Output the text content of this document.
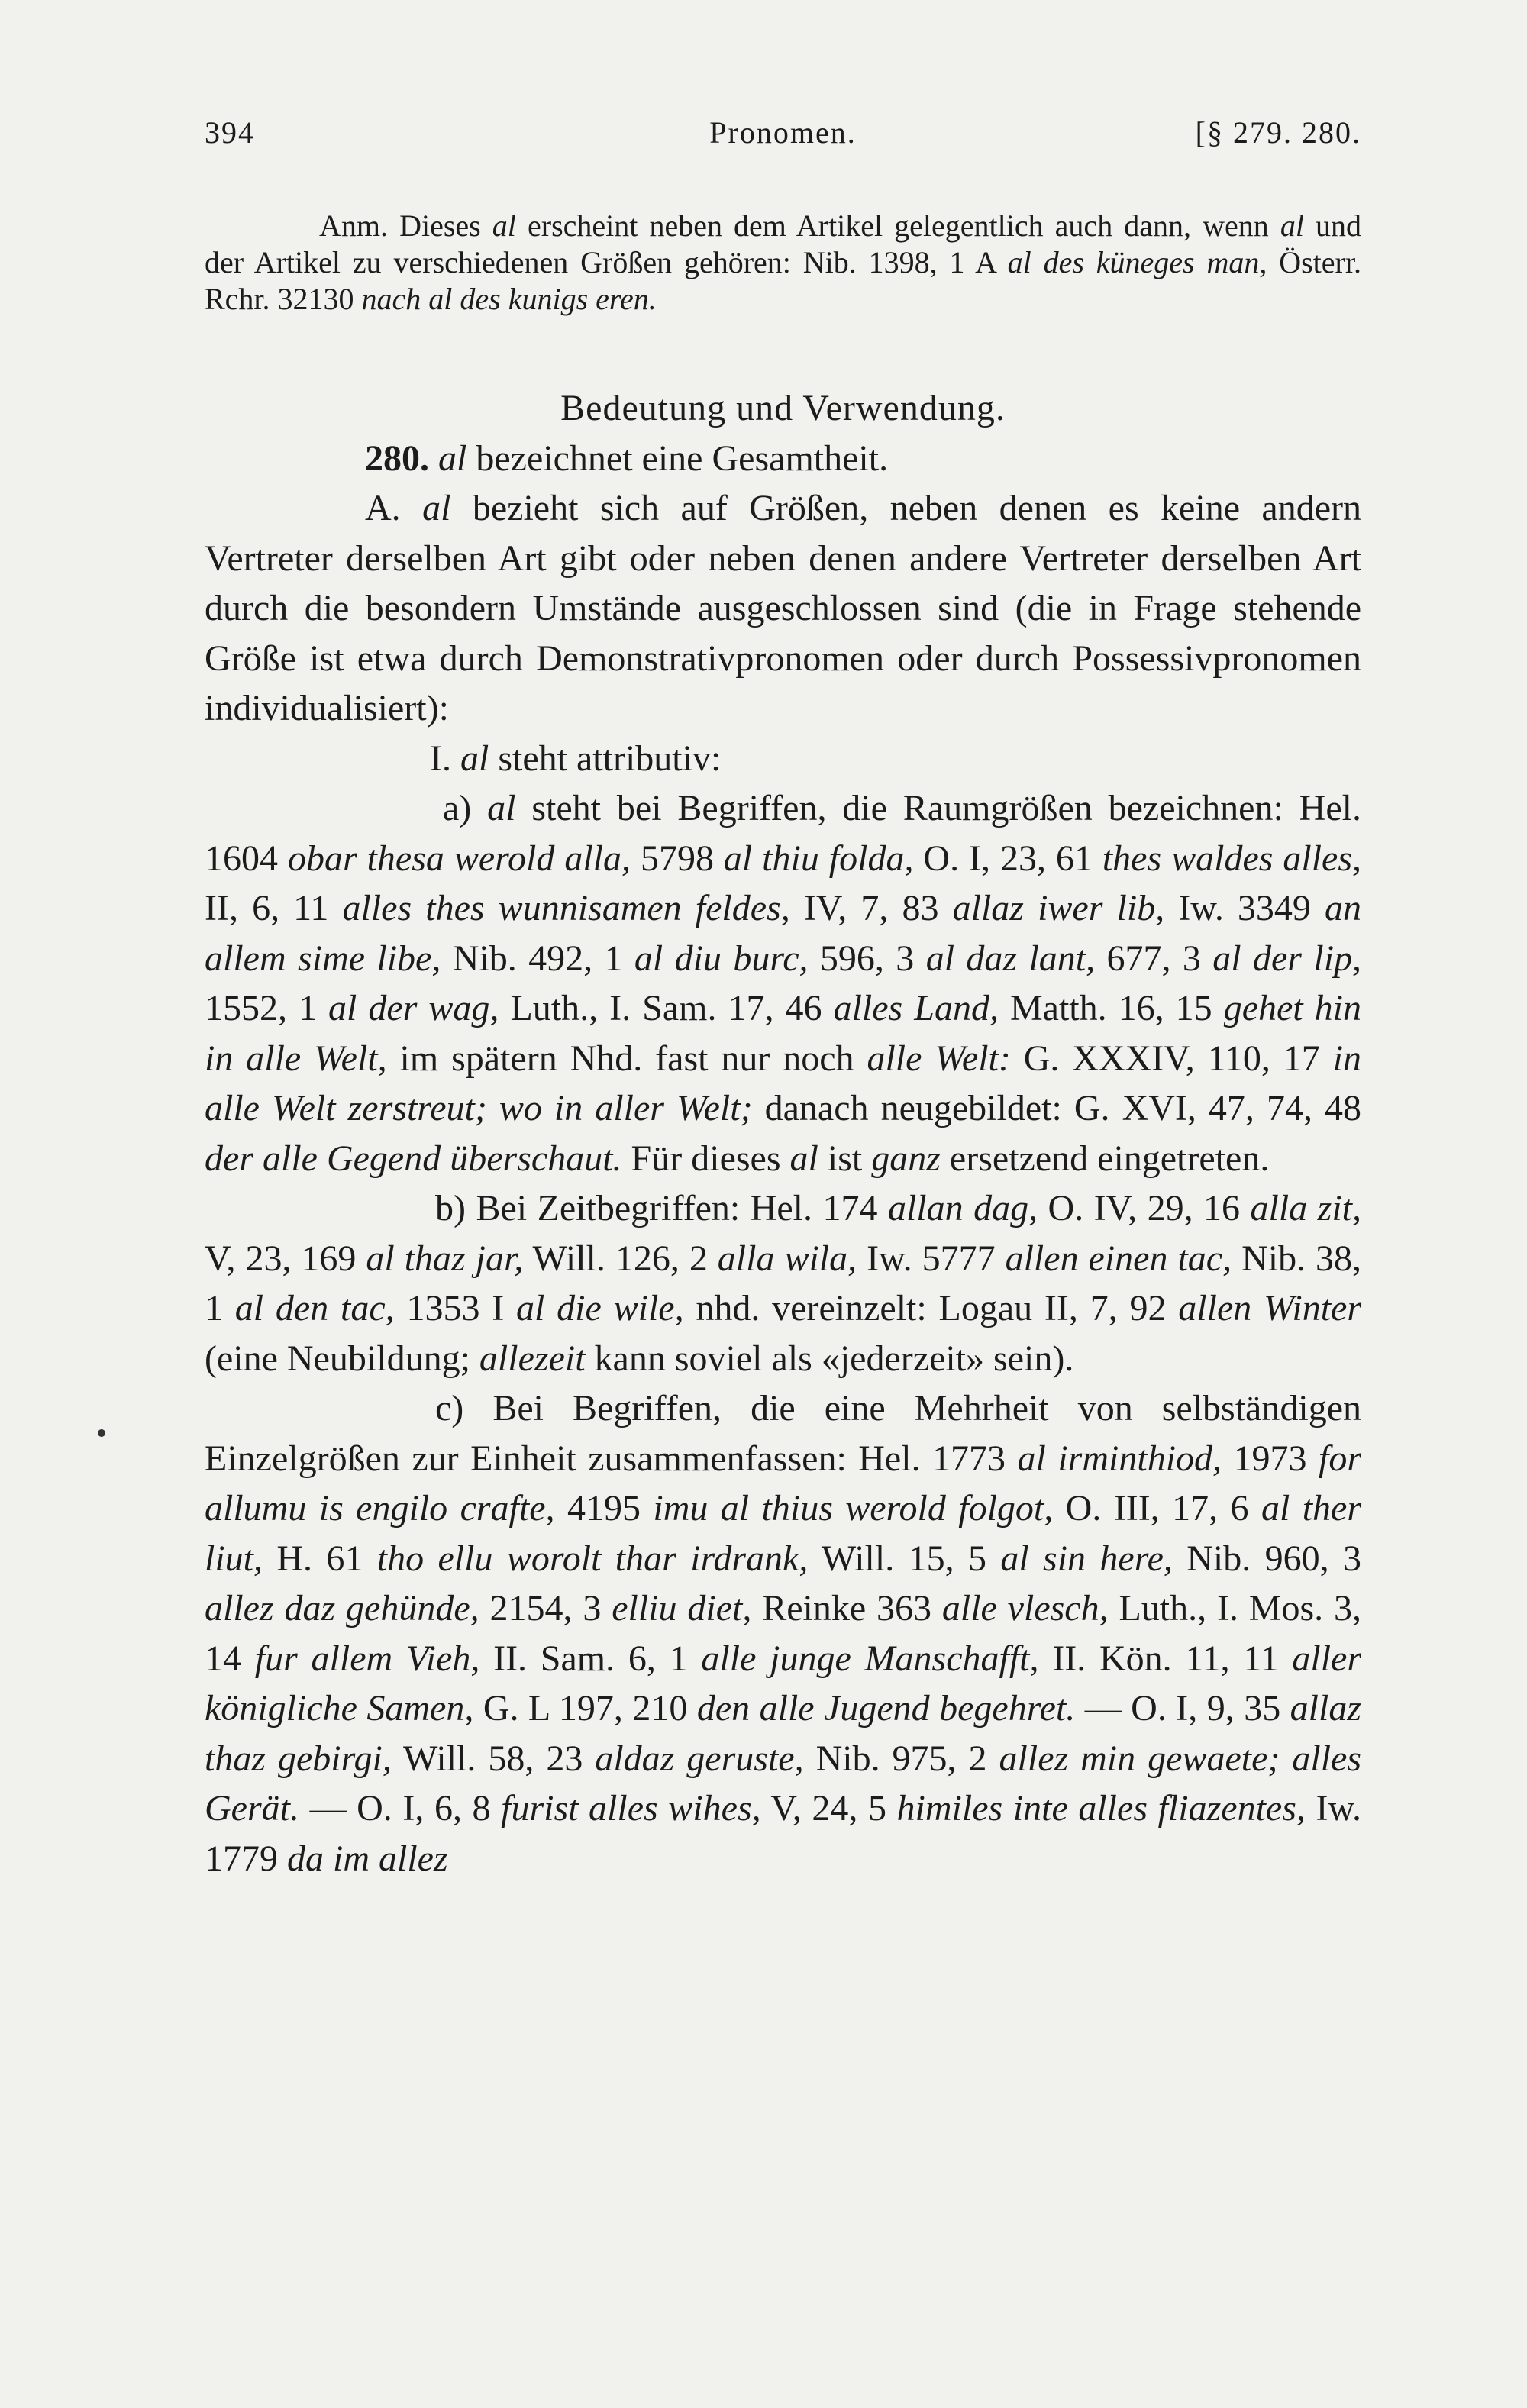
394	Pronomen.	[§ 279. 280.

Anm. Dieses al erscheint neben dem Artikel gelegentlich auch dann, wenn al und der Artikel zu verschiedenen Größen gehören: Nib. 1398, 1 A al des küneges man, Österr. Rchr. 32130 nach al des kunigs eren.

Bedeutung und Verwendung.

280. al bezeichnet eine Gesamtheit.

A. al bezieht sich auf Größen, neben denen es keine andern Vertreter derselben Art gibt oder neben denen andere Vertreter derselben Art durch die besondern Umstände ausgeschlossen sind (die in Frage stehende Größe ist etwa durch Demonstrativpronomen oder durch Possessivpronomen individualisiert):

I. al steht attributiv:

a) al steht bei Begriffen, die Raumgrößen bezeichnen: Hel. 1604 obar thesa werold alla, 5798 al thiu folda, O. I, 23, 61 thes waldes alles, II, 6, 11 alles thes wunnisamen feldes, IV, 7, 83 allaz iwer lib, Iw. 3349 an allem sime libe, Nib. 492, 1 al diu burc, 596, 3 al daz lant, 677, 3 al der lip, 1552, 1 al der wag, Luth., I. Sam. 17, 46 alles Land, Matth. 16, 15 gehet hin in alle Welt, im spätern Nhd. fast nur noch alle Welt: G. XXXIV, 110, 17 in alle Welt zerstreut; wo in aller Welt; danach neugebildet: G. XVI, 47, 74, 48 der alle Gegend überschaut. Für dieses al ist ganz ersetzend eingetreten.

b) Bei Zeitbegriffen: Hel. 174 allan dag, O. IV, 29, 16 alla zit, V, 23, 169 al thaz jar, Will. 126, 2 alla wila, Iw. 5777 allen einen tac, Nib. 38, 1 al den tac, 1353 I al die wile, nhd. vereinzelt: Logau II, 7, 92 allen Winter (eine Neubildung; allezeit kann soviel als «jederzeit» sein).

c) Bei Begriffen, die eine Mehrheit von selbständigen Einzelgrößen zur Einheit zusammenfassen: Hel. 1773 al irminthiod, 1973 for allumu is engilo crafte, 4195 imu al thius werold folgot, O. III, 17, 6 al ther liut, H. 61 tho ellu worolt thar irdrank, Will. 15, 5 al sin here, Nib. 960, 3 allez daz gehünde, 2154, 3 elliu diet, Reinke 363 alle vlesch, Luth., I. Mos. 3, 14 fur allem Vieh, II. Sam. 6, 1 alle junge Manschafft, II. Kön. 11, 11 aller königliche Samen, G. L 197, 210 den alle Jugend begehret. — O. I, 9, 35 allaz thaz gebirgi, Will. 58, 23 aldaz geruste, Nib. 975, 2 allez min gewaete; alles Gerät. — O. I, 6, 8 furist alles wihes, V, 24, 5 himiles inte alles fliazentes, Iw. 1779 da im allez
